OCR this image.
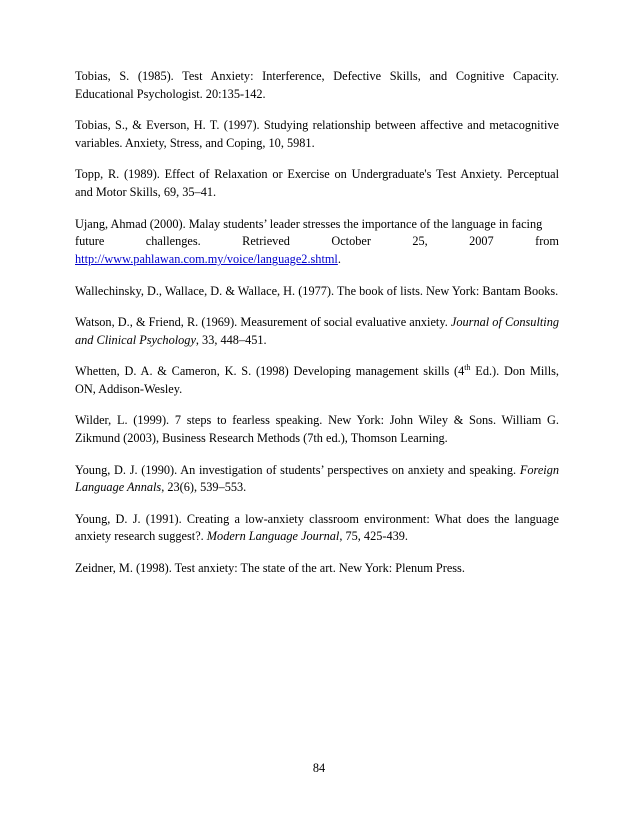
Tobias, S. (1985). Test Anxiety: Interference, Defective Skills, and Cognitive Capacity. Educational Psychologist. 20:135-142.

Tobias, S., & Everson, H. T. (1997). Studying relationship between affective and metacognitive variables. Anxiety, Stress, and Coping, 10, 5981.

Topp, R. (1989). Effect of Relaxation or Exercise on Undergraduate's Test Anxiety. Perceptual and Motor Skills, 69, 35–41.

Ujang, Ahmad (2000). Malay students’ leader stresses the importance of the language in facing
future	challenges.	Retrieved	October	25,	2007	from
http://www.pahlawan.com.my/voice/language2.shtml.

Wallechinsky, D., Wallace, D. & Wallace, H. (1977). The book of lists. New York: Bantam Books.

Watson, D., & Friend, R. (1969). Measurement of social evaluative anxiety. Journal of Consulting and Clinical Psychology, 33, 448–451.

Whetten, D. A. & Cameron, K. S. (1998) Developing management skills (4th Ed.). Don Mills, ON, Addison-Wesley.

Wilder, L. (1999). 7 steps to fearless speaking. New York: John Wiley & Sons. William G. Zikmund (2003), Business Research Methods (7th ed.), Thomson Learning.

Young, D. J. (1990). An investigation of students’ perspectives on anxiety and speaking. Foreign Language Annals, 23(6), 539–553.

Young, D. J. (1991). Creating a low-anxiety classroom environment: What does the language anxiety research suggest?. Modern Language Journal, 75, 425-439.

Zeidner, M. (1998). Test anxiety: The state of the art. New York: Plenum Press.

84
